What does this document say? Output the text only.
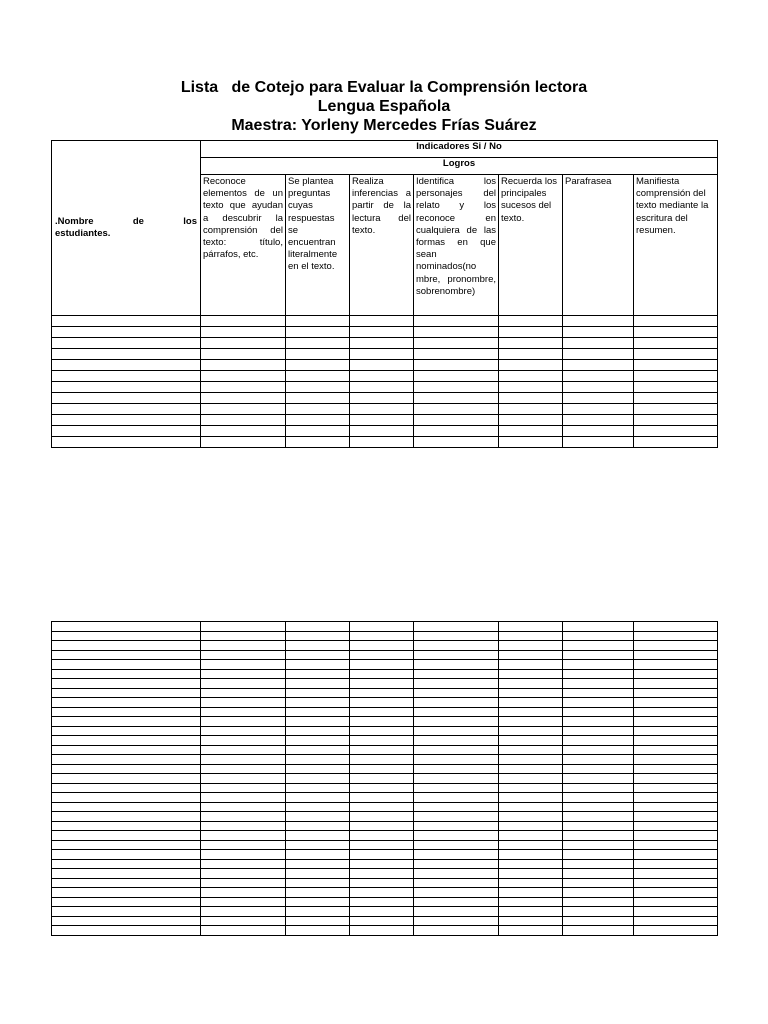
Lista   de Cotejo para Evaluar la Comprensión lectora
Lengua Española
Maestra: Yorleny Mercedes Frías Suárez
.Nombre de los
estudiantes.	Indicadores Si / No						
	Logros						
	Reconoce elementos de un texto que ayudan a descubrir la comprensión del texto: título, párrafos, etc.	Se plantea preguntas cuyas respuestas se encuentran literalmente en el texto.	Realiza inferencias a partir de la lectura del texto.	Identifica los personajes del relato y los reconoce en cualquiera de las formas en que sean nominados(no mbre, pronombre, sobrenombre)	Recuerda los principales sucesos del texto.	Parafrasea	Manifiesta comprensión del texto mediante la escritura del resumen.
